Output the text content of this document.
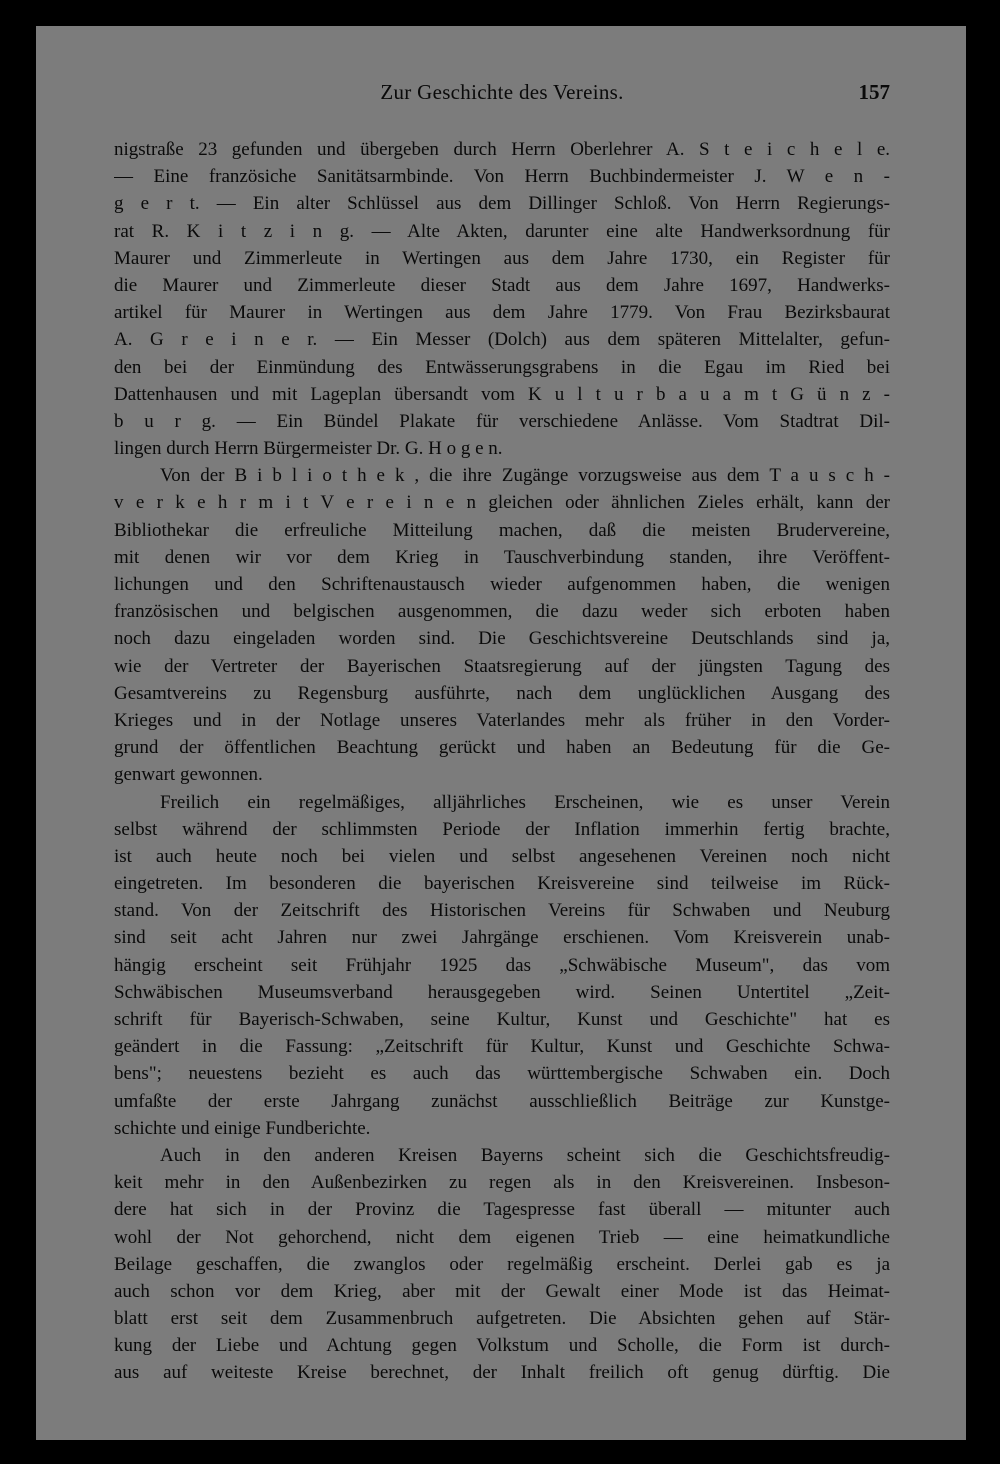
Zur Geschichte des Vereins.	157
nigstraße 23 gefunden und übergeben durch Herrn Oberlehrer A. S t e i c h e l e.
— Eine französiche Sanitätsarmbinde. Von Herrn Buchbindermeister J. W e n -
g e r t. — Ein alter Schlüssel aus dem Dillinger Schloß. Von Herrn Regierungs-
rat R. K i t z i n g. — Alte Akten, darunter eine alte Handwerksordnung für
Maurer und Zimmerleute in Wertingen aus dem Jahre 1730, ein Register für
die Maurer und Zimmerleute dieser Stadt aus dem Jahre 1697, Handwerks-
artikel für Maurer in Wertingen aus dem Jahre 1779. Von Frau Bezirksbaurat
A. G r e i n e r. — Ein Messer (Dolch) aus dem späteren Mittelalter, gefun-
den bei der Einmündung des Entwässerungsgrabens in die Egau im Ried bei
Dattenhausen und mit Lageplan übersandt vom K u l t u r b a u a m t G ü n z -
b u r g. — Ein Bündel Plakate für verschiedene Anlässe. Vom Stadtrat Dil-
lingen durch Herrn Bürgermeister Dr. G. H o g e n.
Von der B i b l i o t h e k , die ihre Zugänge vorzugsweise aus dem T a u s c h -
v e r k e h r m i t V e r e i n e n gleichen oder ähnlichen Zieles erhält, kann der
Bibliothekar die erfreuliche Mitteilung machen, daß die meisten Brudervereine,
mit denen wir vor dem Krieg in Tauschverbindung standen, ihre Veröffent-
lichungen und den Schriftenaustausch wieder aufgenommen haben, die wenigen
französischen und belgischen ausgenommen, die dazu weder sich erboten haben
noch dazu eingeladen worden sind. Die Geschichtsvereine Deutschlands sind ja,
wie der Vertreter der Bayerischen Staatsregierung auf der jüngsten Tagung des
Gesamtvereins zu Regensburg ausführte, nach dem unglücklichen Ausgang des
Krieges und in der Notlage unseres Vaterlandes mehr als früher in den Vorder-
grund der öffentlichen Beachtung gerückt und haben an Bedeutung für die Ge-
genwart gewonnen.
Freilich ein regelmäßiges, alljährliches Erscheinen, wie es unser Verein
selbst während der schlimmsten Periode der Inflation immerhin fertig brachte,
ist auch heute noch bei vielen und selbst angesehenen Vereinen noch nicht
eingetreten. Im besonderen die bayerischen Kreisvereine sind teilweise im Rück-
stand. Von der Zeitschrift des Historischen Vereins für Schwaben und Neuburg
sind seit acht Jahren nur zwei Jahrgänge erschienen. Vom Kreisverein unab-
hängig erscheint seit Frühjahr 1925 das „Schwäbische Museum", das vom
Schwäbischen Museumsverband herausgegeben wird. Seinen Untertitel „Zeit-
schrift für Bayerisch-Schwaben, seine Kultur, Kunst und Geschichte" hat es
geändert in die Fassung: „Zeitschrift für Kultur, Kunst und Geschichte Schwa-
bens"; neuestens bezieht es auch das württembergische Schwaben ein. Doch
umfaßte der erste Jahrgang zunächst ausschließlich Beiträge zur Kunstge-
schichte und einige Fundberichte.
Auch in den anderen Kreisen Bayerns scheint sich die Geschichtsfreudig-
keit mehr in den Außenbezirken zu regen als in den Kreisvereinen. Insbeson-
dere hat sich in der Provinz die Tagespresse fast überall — mitunter auch
wohl der Not gehorchend, nicht dem eigenen Trieb — eine heimatkundliche
Beilage geschaffen, die zwanglos oder regelmäßig erscheint. Derlei gab es ja
auch schon vor dem Krieg, aber mit der Gewalt einer Mode ist das Heimat-
blatt erst seit dem Zusammenbruch aufgetreten. Die Absichten gehen auf Stär-
kung der Liebe und Achtung gegen Volkstum und Scholle, die Form ist durch-
aus auf weiteste Kreise berechnet, der Inhalt freilich oft genug dürftig. Die
